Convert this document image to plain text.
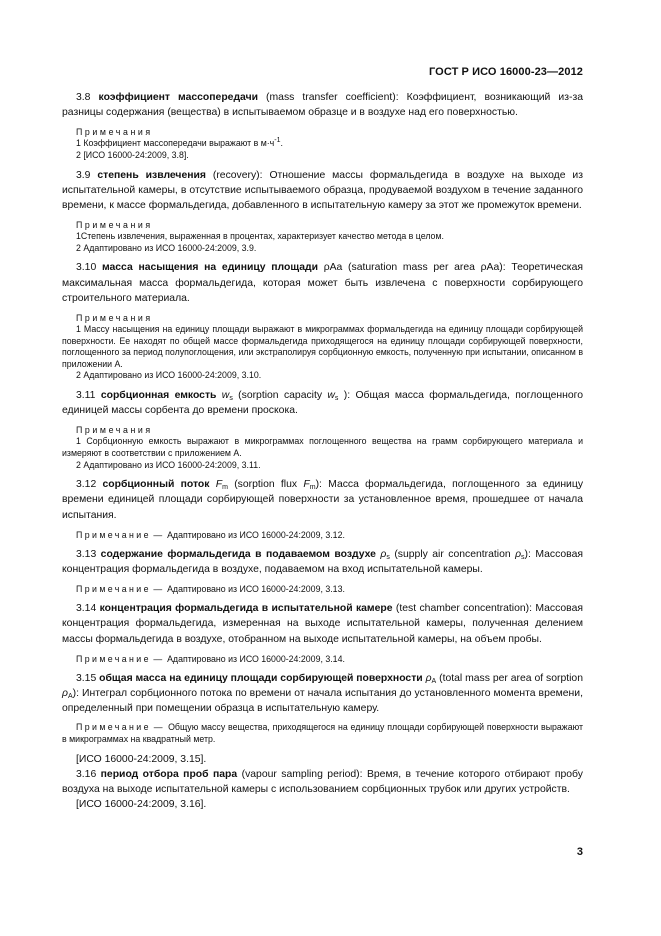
ГОСТ Р ИСО 16000-23—2012

3.8 коэффициент массопередачи (mass transfer coefficient): Коэффициент, возникающий из-за разницы содержания (вещества) в испытываемом образце и в воздухе над его поверхностью.

Примечания

1 Коэффициент массопередачи выражают в $м\cdot ч^{-1}$.

2 [ИСО 16000-24:2009, 3.8].

3.9 степень извлечения (recovery): Отношение массы формальдегида в воздухе на выходе из испытательной камеры, в отсутствие испытываемого образца, продуваемой воздухом в течение заданного времени, к массе формальдегида, добавленного в испытательную камеру за этот же промежуток времени.

Примечания

1Степень извлечения, выраженная в процентах, характеризует качество метода в целом.

2 Адаптировано из ИСО 16000-24:2009, 3.9.

3.10 масса насыщения на единицу площади ρAa (saturation mass per area ρAa): Теоретическая максимальная масса формальдегида, которая может быть извлечена с поверхности сорбирующего строительного материала.

Примечания

1 Массу насыщения на единицу площади выражают в микрограммах формальдегида на единицу площади сорбирующей поверхности. Ее находят по общей массе формальдегида приходящегося на единицу площади сорбирующей поверхности, поглощенного за период полупоглощения, или экстраполируя сорбционную емкость, полученную при испытании, описанном в приложении А.

2 Адаптировано из ИСО 16000-24:2009, 3.10.

3.11 сорбционная емкость $w_s$ (sorption capacity $w_s$ ): Общая масса формальдегида, поглощенного единицей массы сорбента до времени проскока.

Примечания

1 Сорбционную емкость выражают в микрограммах поглощенного вещества на грамм сорбирующего материала и измеряют в соответствии с приложением А.

2 Адаптировано из ИСО 16000-24:2009, 3.11.

3.12 сорбционный поток $F_m$ (sorption flux $F_m$): Масса формальдегида, поглощенного за единицу времени единицей площади сорбирующей поверхности за установленное время, прошедшее от начала испытания.

Примечание — Адаптировано из ИСО 16000-24:2009, 3.12.

3.13 содержание формальдегида в подаваемом воздухе $\rho_s$ (supply air concentration $\rho_s$): Массовая концентрация формальдегида в воздухе, подаваемом на вход испытательной камеры.

Примечание — Адаптировано из ИСО 16000-24:2009, 3.13.

3.14 концентрация формальдегида в испытательной камере (test chamber concentration): Массовая концентрация формальдегида, измеренная на выходе испытательной камеры, полученная делением массы формальдегида в воздухе, отобранном на выходе испытательной камеры, на объем пробы.

Примечание — Адаптировано из ИСО 16000-24:2009, 3.14.

3.15 общая масса на единицу площади сорбирующей поверхности $\rho_A$ (total mass per area of sorption $\rho_A$): Интеграл сорбционного потока по времени от начала испытания до установленного момента времени, определенный при помещении образца в испытательную камеру.

Примечание — Общую массу вещества, приходящегося на единицу площади сорбирующей поверхности выражают в микрограммах на квадратный метр.

[ИСО 16000-24:2009, 3.15].

3.16 период отбора проб пара (vapour sampling period): Время, в течение которого отбирают пробу воздуха на выходе испытательной камеры с использованием сорбционных трубок или других устройств.

[ИСО 16000-24:2009, 3.16].

3
